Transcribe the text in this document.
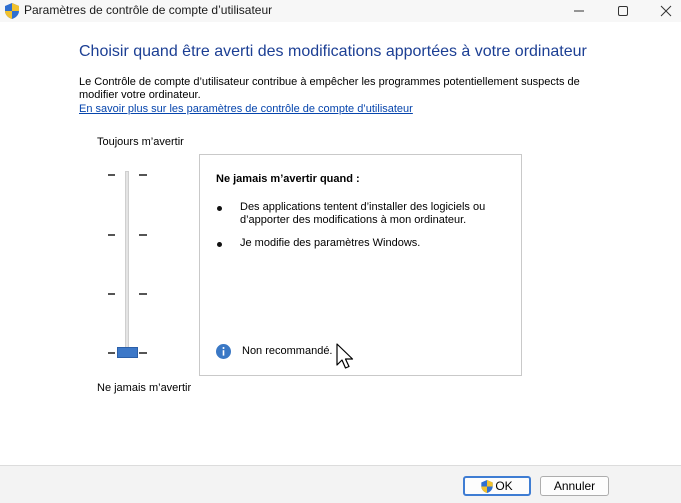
Paramètres de contrôle de compte d’utilisateur
Choisir quand être averti des modifications apportées à votre ordinateur
Le Contrôle de compte d’utilisateur contribue à empêcher les programmes potentiellement suspects de modifier votre ordinateur.
En savoir plus sur les paramètres de contrôle de compte d’utilisateur
Toujours m’avertir
Ne jamais m’avertir
Ne jamais m’avertir quand :
Des applications tentent d’installer des logiciels ou d’apporter des modifications à mon ordinateur.
Je modifie des paramètres Windows.
Non recommandé.
OK	Annuler
